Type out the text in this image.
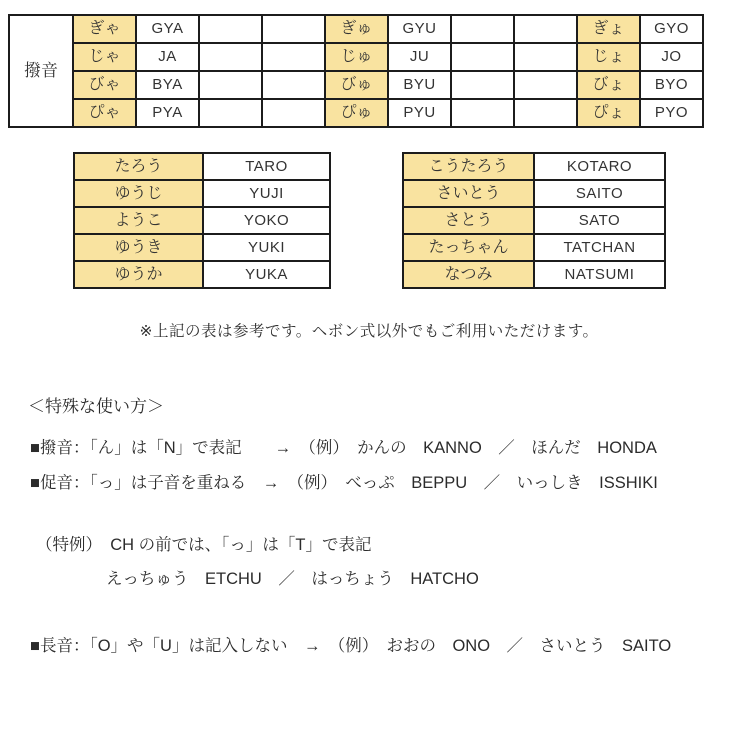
撥音	ぎゃ	GYA			ぎゅ	GYU			ぎょ	GYO
	じゃ	JA			じゅ	JU			じょ	JO
	びゃ	BYA			びゅ	BYU			びょ	BYO
	ぴゃ	PYA			ぴゅ	PYU			ぴょ	PYO
たろう	TARO
ゆうじ	YUJI
ようこ	YOKO
ゆうき	YUKI
ゆうか	YUKA
こうたろう	KOTARO
さいとう	SAITO
さとう	SATO
たっちゃん	TATCHAN
なつみ	NATSUMI
※上記の表は参考です。ヘボン式以外でもご利用いただけます。
＜特殊な使い方＞
■撥音：「ん」は「N」で表記　　→　（例）　かんの　KANNO　／　ほんだ　HONDA
■促音：「っ」は子音を重ねる　→　（例）　べっぷ　BEPPU　／　いっしき　ISSHIKI
（特例）　CH の前では、「っ」は「T」で表記
えっちゅう　ETCHU　／　はっちょう　HATCHO
■長音：「O」や「U」は記入しない　→　（例）　おおの　ONO　／　さいとう　SAITO
